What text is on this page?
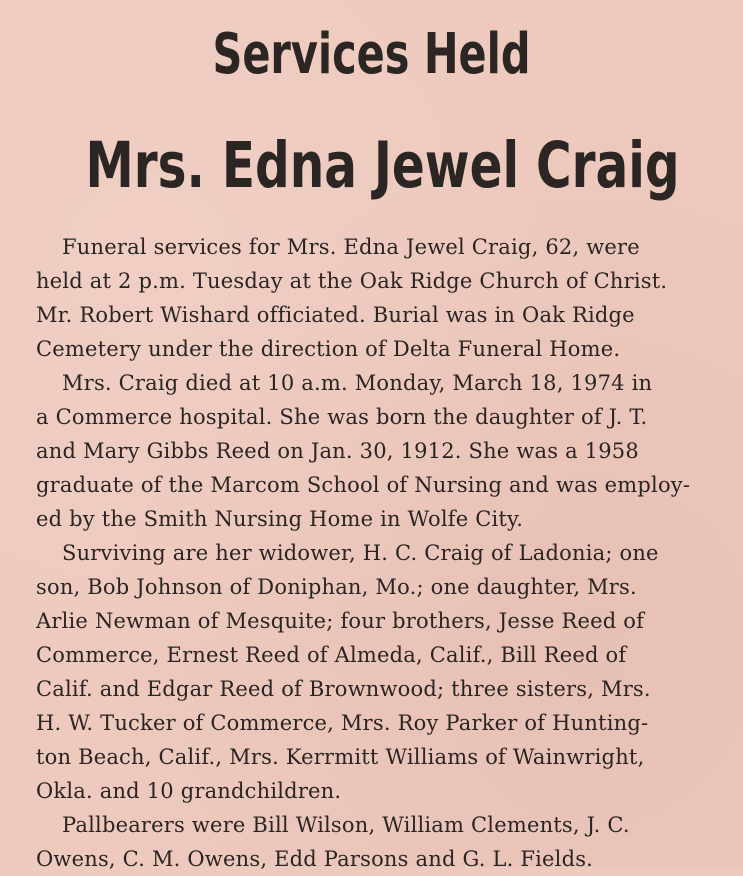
Services Held
Mrs. Edna Jewel Craig
Funeral services for Mrs. Edna Jewel Craig, 62, were
held at 2 p.m. Tuesday at the Oak Ridge Church of Christ.
Mr. Robert Wishard officiated. Burial was in Oak Ridge
Cemetery under the direction of Delta Funeral Home.
Mrs. Craig died at 10 a.m. Monday, March 18, 1974 in
a Commerce hospital. She was born the daughter of J. T.
and Mary Gibbs Reed on Jan. 30, 1912. She was a 1958
graduate of the Marcom School of Nursing and was employ-
ed by the Smith Nursing Home in Wolfe City.
Surviving are her widower, H. C. Craig of Ladonia; one
son, Bob Johnson of Doniphan, Mo.; one daughter, Mrs.
Arlie Newman of Mesquite; four brothers, Jesse Reed of
Commerce, Ernest Reed of Almeda, Calif., Bill Reed of
Calif. and Edgar Reed of Brownwood; three sisters, Mrs.
H. W. Tucker of Commerce, Mrs. Roy Parker of Hunting-
ton Beach, Calif., Mrs. Kerrmitt Williams of Wainwright,
Okla. and 10 grandchildren.
Pallbearers were Bill Wilson, William Clements, J. C.
Owens, C. M. Owens, Edd Parsons and G. L. Fields.
